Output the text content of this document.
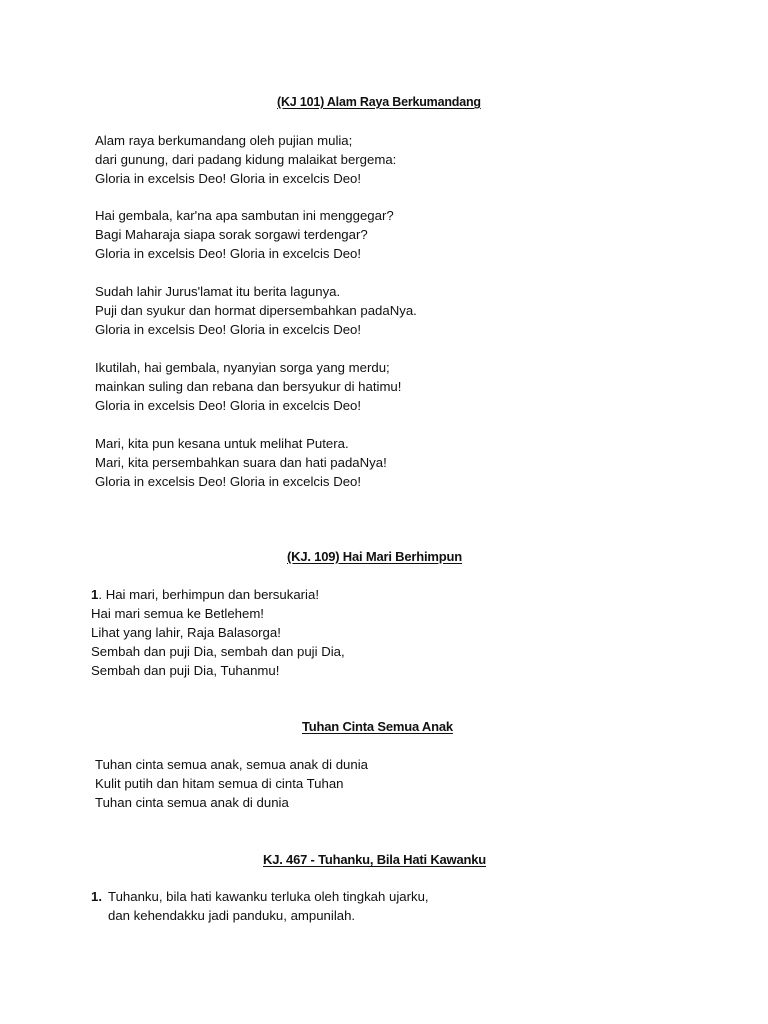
(KJ 101) Alam Raya Berkumandang
Alam raya berkumandang oleh pujian mulia;
dari gunung, dari padang kidung malaikat bergema:
Gloria in excelsis Deo! Gloria in excelcis Deo!
Hai gembala, kar'na apa sambutan ini menggegar?
Bagi Maharaja siapa sorak sorgawi terdengar?
Gloria in excelsis Deo! Gloria in excelcis Deo!
Sudah lahir Jurus'lamat itu berita lagunya.
Puji dan syukur dan hormat dipersembahkan padaNya.
Gloria in excelsis Deo! Gloria in excelcis Deo!
Ikutilah, hai gembala, nyanyian sorga yang merdu;
mainkan suling dan rebana dan bersyukur di hatimu!
Gloria in excelsis Deo! Gloria in excelcis Deo!
Mari, kita pun kesana untuk melihat Putera.
Mari, kita persembahkan suara dan hati padaNya!
Gloria in excelsis Deo! Gloria in excelcis Deo!
(KJ. 109) Hai Mari Berhimpun
1. Hai mari, berhimpun dan bersukaria!
Hai mari semua ke Betlehem!
Lihat yang lahir, Raja Balasorga!
Sembah dan puji Dia, sembah dan puji Dia,
Sembah dan puji Dia, Tuhanmu!
Tuhan Cinta Semua Anak
Tuhan cinta semua anak, semua anak di dunia
Kulit putih dan hitam semua di cinta Tuhan
Tuhan cinta semua anak di dunia
KJ. 467 - Tuhanku, Bila Hati Kawanku
1. Tuhanku, bila hati kawanku terluka oleh tingkah ujarku,
dan kehendakku jadi panduku, ampunilah.
